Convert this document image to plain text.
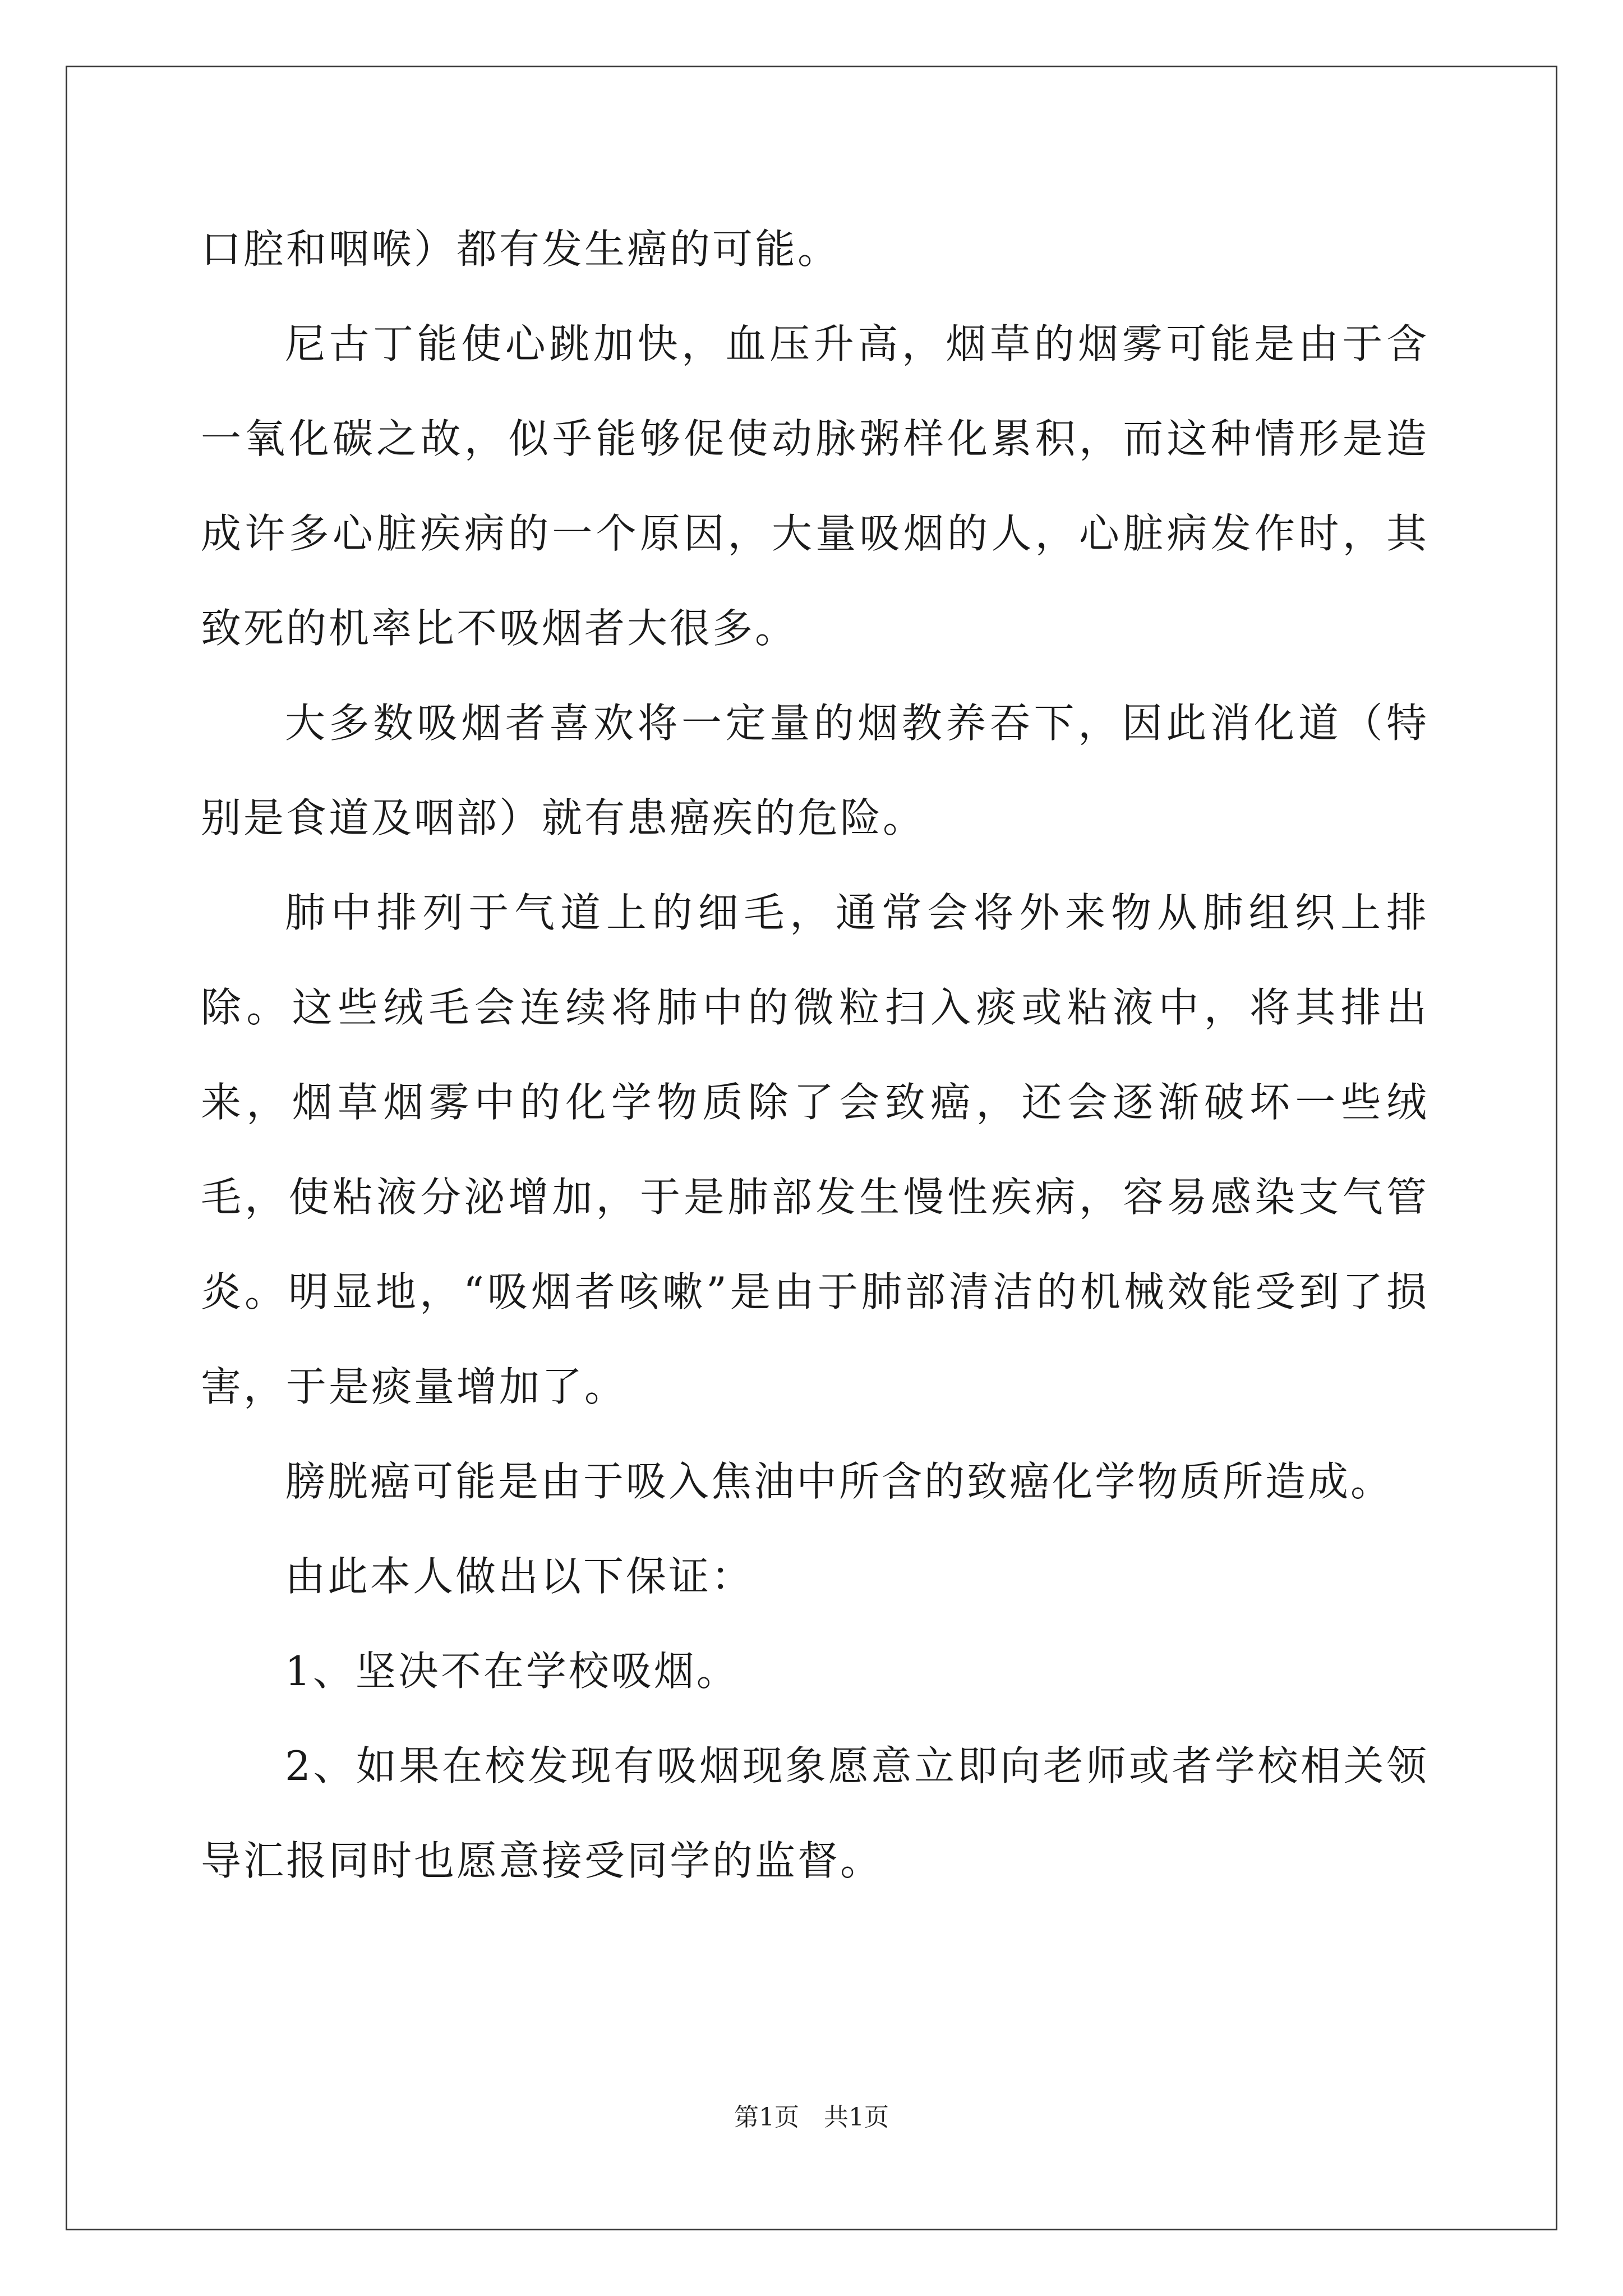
口腔和咽喉）都有发生癌的可能。

尼古丁能使心跳加快，血压升高，烟草的烟雾可能是由于含一氧化碳之故，似乎能够促使动脉粥样化累积，而这种情形是造成许多心脏疾病的一个原因，大量吸烟的人，心脏病发作时，其致死的机率比不吸烟者大很多。

大多数吸烟者喜欢将一定量的烟教养吞下，因此消化道（特别是食道及咽部）就有患癌疾的危险。

肺中排列于气道上的细毛，通常会将外来物从肺组织上排除。这些绒毛会连续将肺中的微粒扫入痰或粘液中，将其排出来，烟草烟雾中的化学物质除了会致癌，还会逐渐破坏一些绒毛，使粘液分泌增加，于是肺部发生慢性疾病，容易感染支气管炎。明显地，“吸烟者咳嗽”是由于肺部清洁的机械效能受到了损害，于是痰量增加了。

膀胱癌可能是由于吸入焦油中所含的致癌化学物质所造成。

由此本人做出以下保证：

1、坚决不在学校吸烟。

2、如果在校发现有吸烟现象愿意立即向老师或者学校相关领导汇报同时也愿意接受同学的监督。

第1页 共1页
